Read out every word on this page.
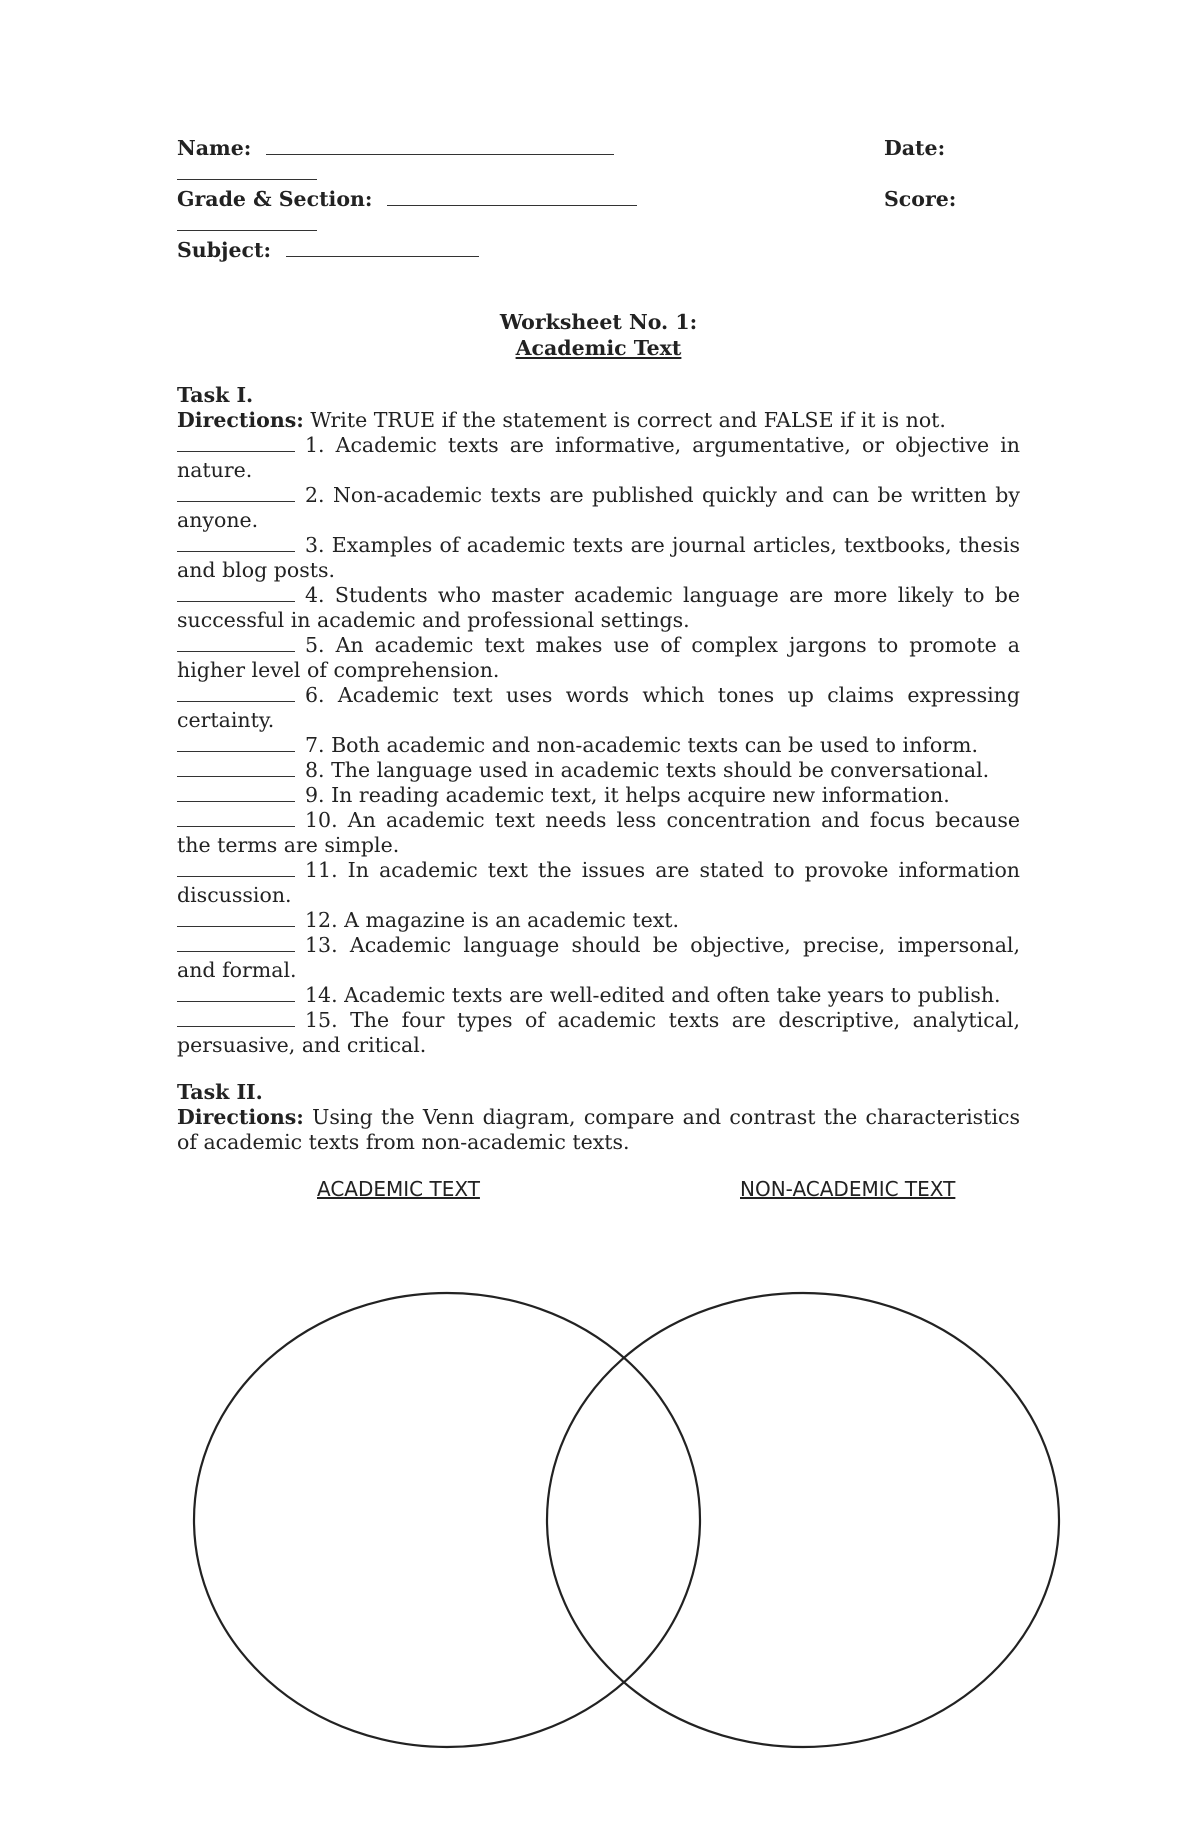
Name:	Date:
Grade & Section:	Score:
Subject:
Worksheet No. 1:
Academic Text
Task I.
Directions: Write TRUE if the statement is correct and FALSE if it is not.

1. Academic texts are informative, argumentative, or objective in nature.

2. Non-academic texts are published quickly and can be written by anyone.

3. Examples of academic texts are journal articles, textbooks, thesis and blog posts.

4. Students who master academic language are more likely to be successful in academic and professional settings.

5. An academic text makes use of complex jargons to promote a higher level of comprehension.

6. Academic text uses words which tones up claims expressing certainty.

7. Both academic and non-academic texts can be used to inform.

8. The language used in academic texts should be conversational.

9. In reading academic text, it helps acquire new information.

10. An academic text needs less concentration and focus because the terms are simple.

11. In academic text the issues are stated to provoke information discussion.

12. A magazine is an academic text.

13. Academic language should be objective, precise, impersonal, and formal.

14. Academic texts are well-edited and often take years to publish.

15. The four types of academic texts are descriptive, analytical, persuasive, and critical.

Task II.
Directions: Using the Venn diagram, compare and contrast the characteristics of academic texts from non-academic texts.
ACADEMIC TEXT	NON-ACADEMIC TEXT
